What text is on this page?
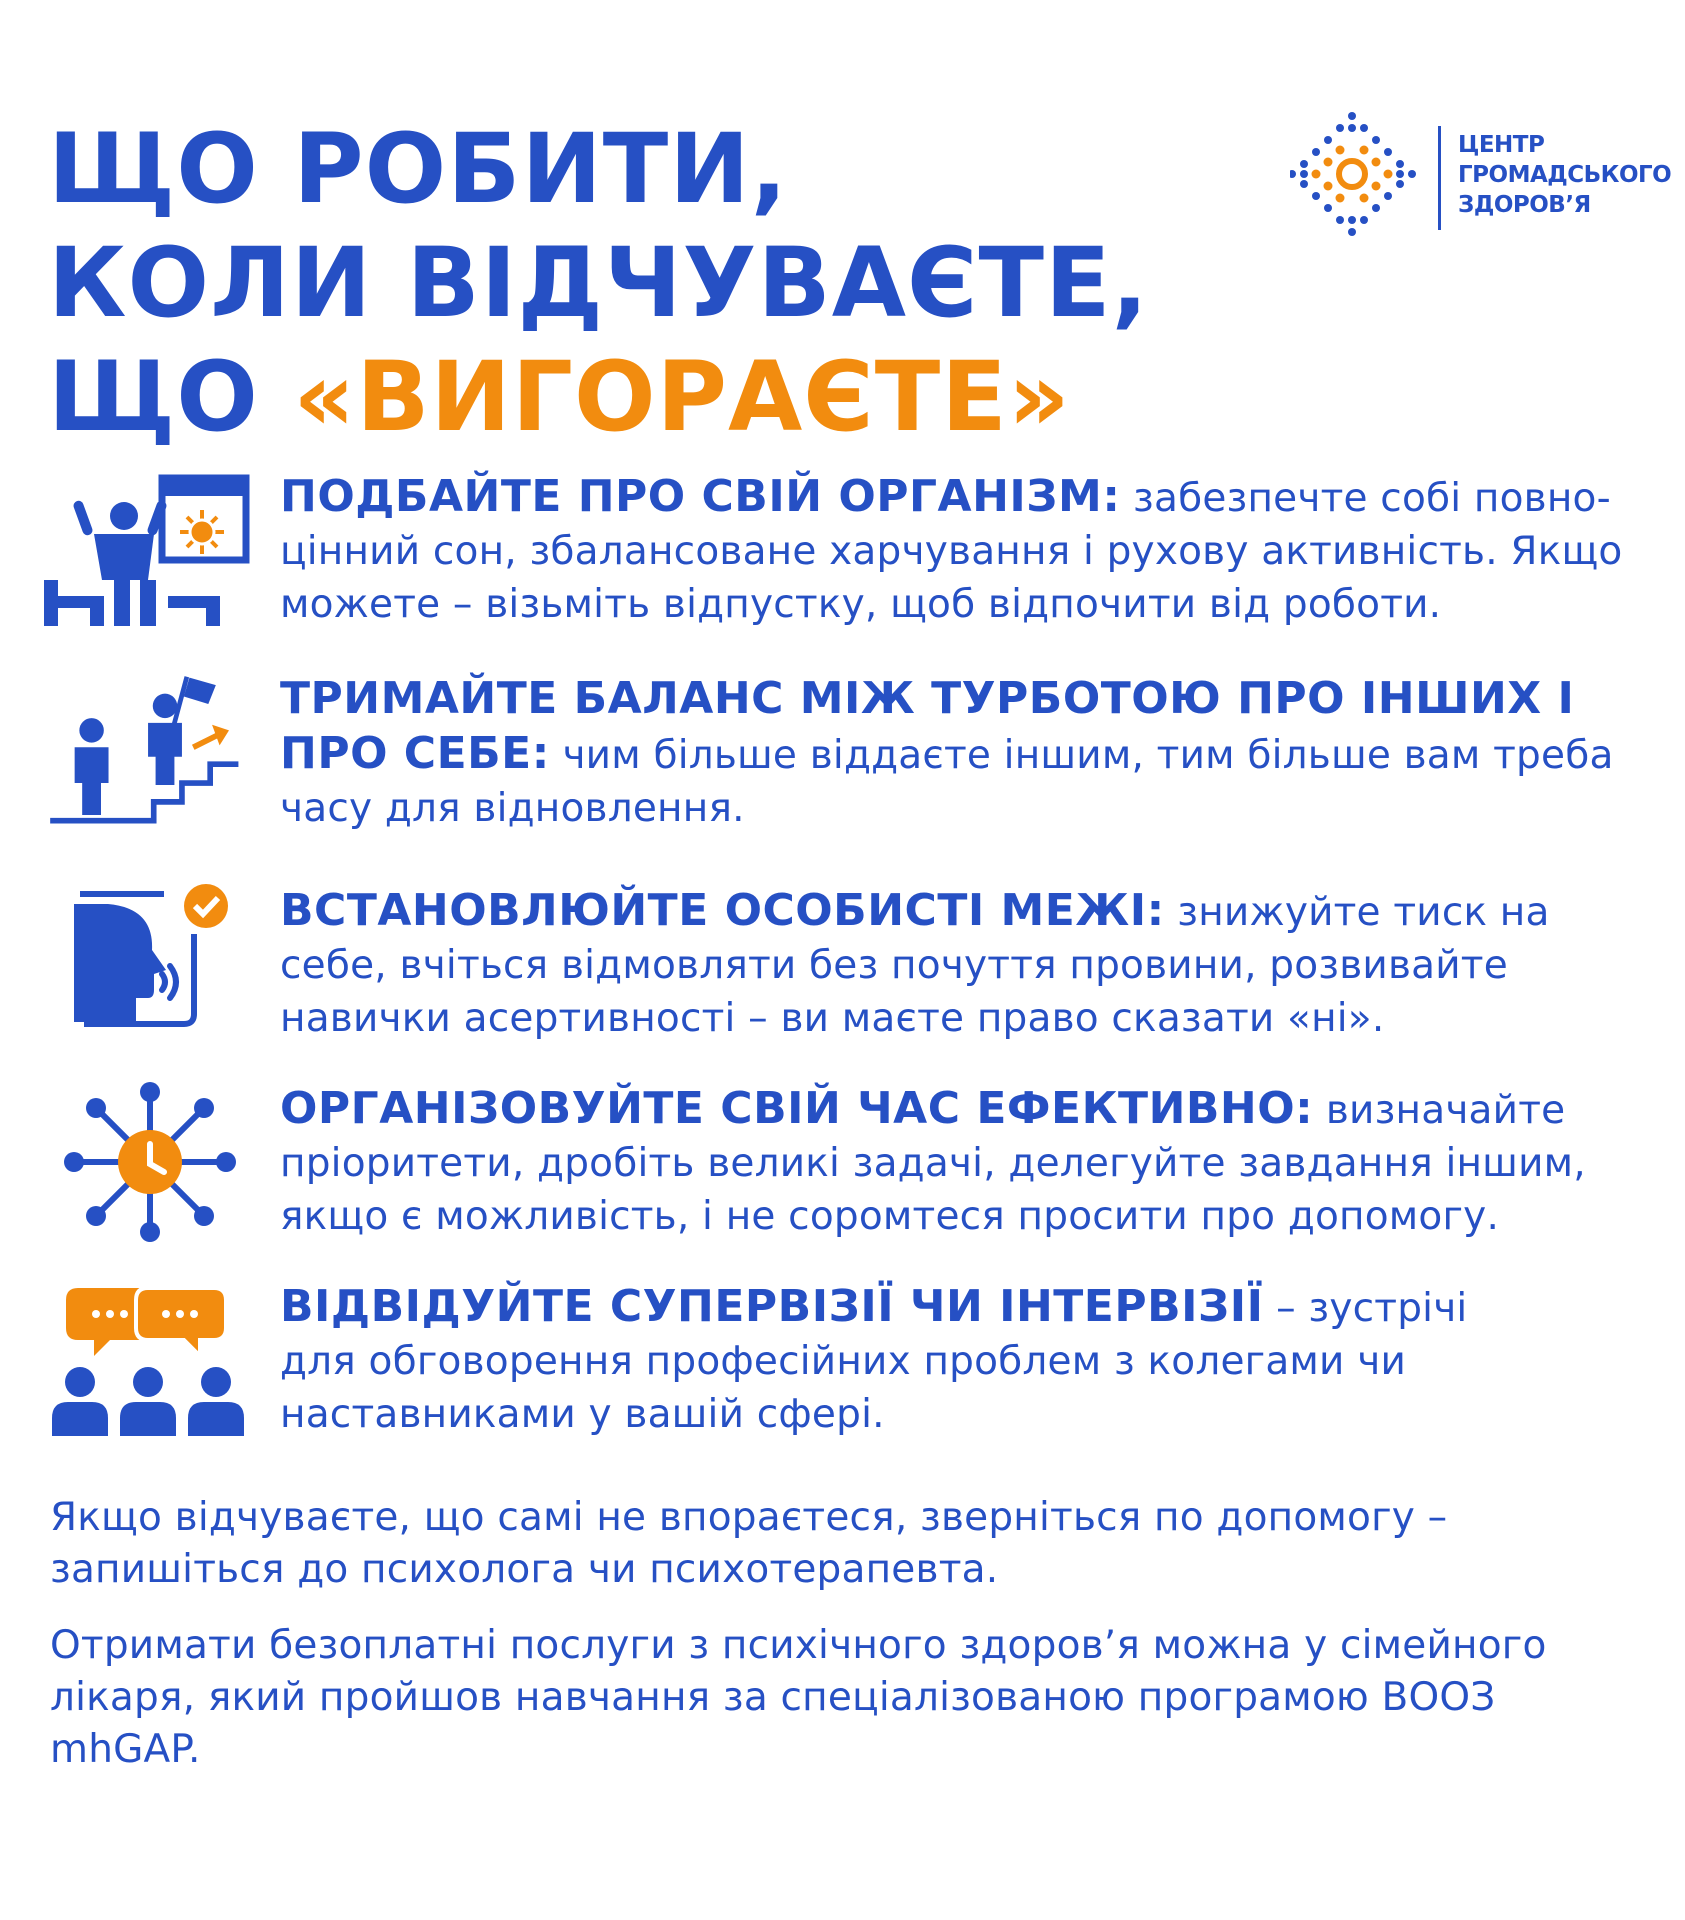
ЩО РОБИТИ,
КОЛИ ВІДЧУВАЄТЕ,
ЩО «ВИГОРАЄТЕ»
ЦЕНТР
ГРОМАДСЬКОГО
ЗДОРОВ’Я
ПОДБАЙТЕ ПРО СВІЙ ОРГАНІЗМ: забезпечте собі повно-цінний сон, збалансоване харчування і рухову активність. Якщо можете – візьміть відпустку, щоб відпочити від роботи.
ТРИМАЙТЕ БАЛАНС МІЖ ТУРБОТОЮ ПРО ІНШИХ І ПРО СЕБЕ: чим більше віддаєте іншим, тим більше вам треба часу для відновлення.
ВСТАНОВЛЮЙТЕ ОСОБИСТІ МЕЖІ: знижуйте тиск на себе, вчіться відмовляти без почуття провини, розвивайте навички асертивності – ви маєте право сказати «ні».
ОРГАНІЗОВУЙТЕ СВІЙ ЧАС ЕФЕКТИВНО: визначайте пріоритети, дробіть великі задачі, делегуйте завдання іншим, якщо є можливість, і не соромтеся просити про допомогу.
ВІДВІДУЙТЕ СУПЕРВІЗІЇ ЧИ ІНТЕРВІЗІЇ – зустрічі для обговорення професійних проблем з колегами чи наставниками у вашій сфері.
Якщо відчуваєте, що самі не впораєтеся, зверніться по допомогу – запишіться до психолога чи психотерапевта.
Отримати безоплатні послуги з психічного здоров’я можна у сімейного лікаря, який пройшов навчання за спеціалізованою програмою ВООЗ mhGAP.
